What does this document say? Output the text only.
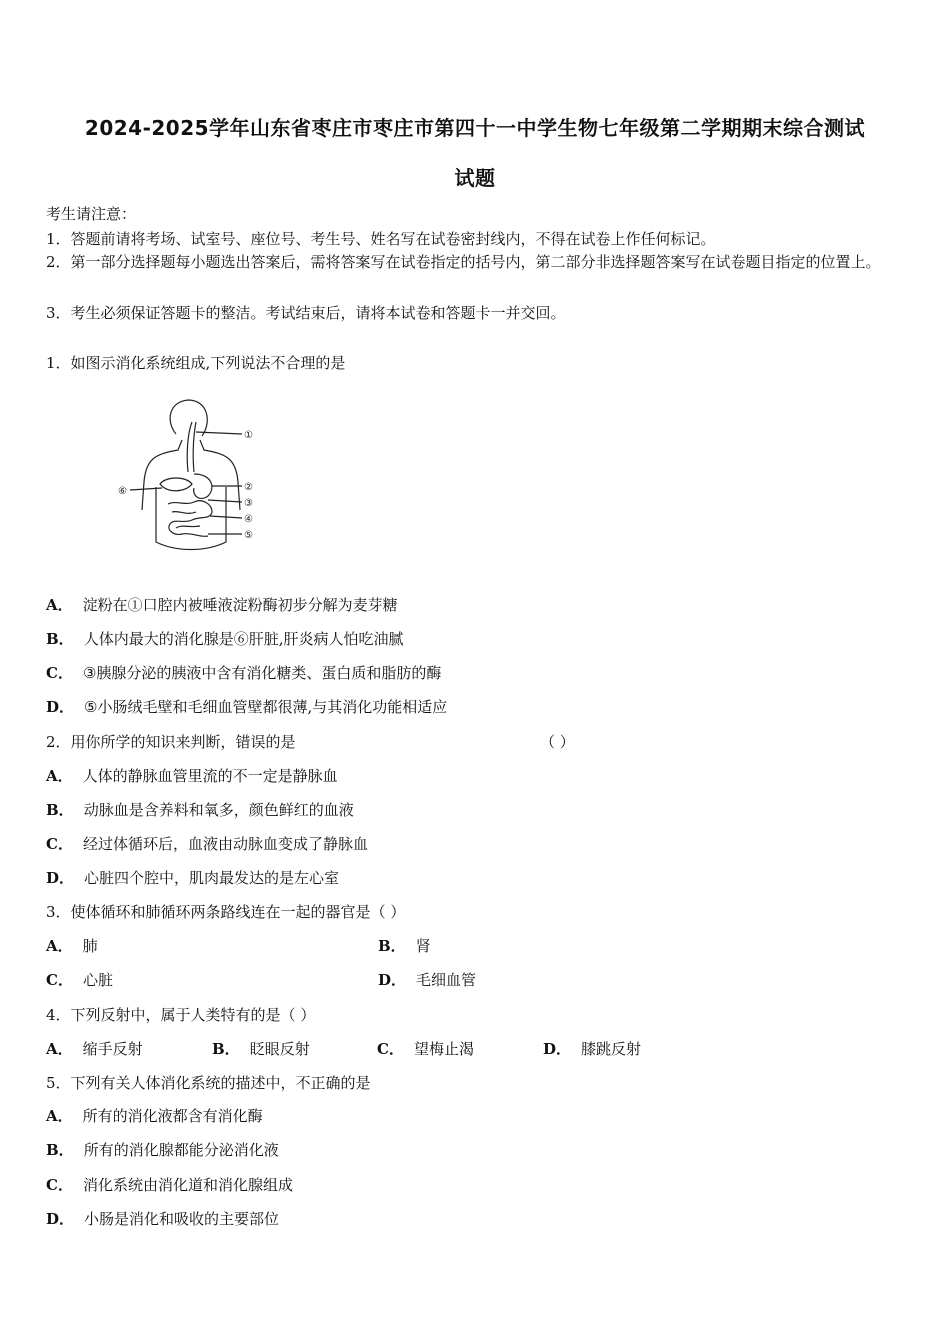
2024-2025学年山东省枣庄市枣庄市第四十一中学生物七年级第二学期期末综合测试
试题
考生请注意：
1．答题前请将考场、试室号、座位号、考生号、姓名写在试卷密封线内，不得在试卷上作任何标记。
2．第一部分选择题每小题选出答案后，需将答案写在试卷指定的括号内，第二部分非选择题答案写在试卷题目指定的位置上。
3．考生必须保证答题卡的整洁。考试结束后，请将本试卷和答题卡一并交回。
1．如图示消化系统组成,下列说法不合理的是
①
②
③
④
⑤
⑥
A． 淀粉在①口腔内被唾液淀粉酶初步分解为麦芽糖
B． 人体内最大的消化腺是⑥肝脏,肝炎病人怕吃油腻
C． ③胰腺分泌的胰液中含有消化糖类、蛋白质和脂肪的酶
D． ⑤小肠绒毛壁和毛细血管壁都很薄,与其消化功能相适应
2．用你所学的知识来判断，错误的是	（ ）
A． 人体的静脉血管里流的不一定是静脉血
B． 动脉血是含养料和氧多，颜色鲜红的血液
C． 经过体循环后，血液由动脉血变成了静脉血
D． 心脏四个腔中，肌肉最发达的是左心室
3．使体循环和肺循环两条路线连在一起的器官是（ ）
A． 肺	B． 肾
C． 心脏	D． 毛细血管
4．下列反射中，属于人类特有的是（ ）
A． 缩手反射	B． 眨眼反射	C． 望梅止渴	D． 膝跳反射
5．下列有关人体消化系统的描述中，不正确的是
A． 所有的消化液都含有消化酶
B． 所有的消化腺都能分泌消化液
C． 消化系统由消化道和消化腺组成
D． 小肠是消化和吸收的主要部位
